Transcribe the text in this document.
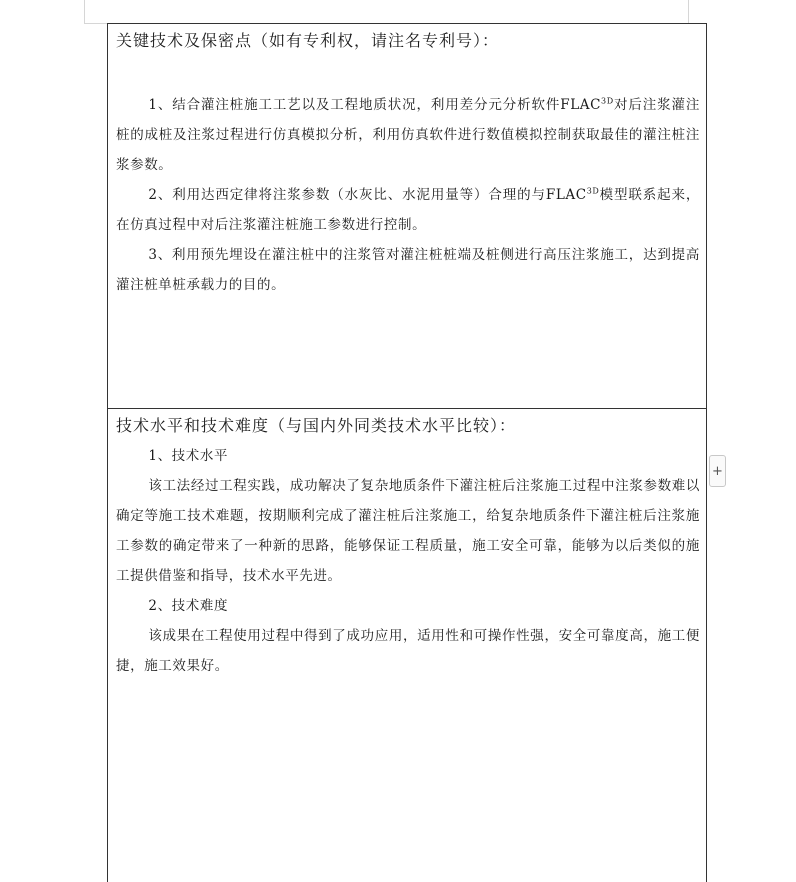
关键技术及保密点（如有专利权，请注名专利号）：

1、结合灌注桩施工工艺以及工程地质状况，利用差分元分析软件$FLAC^{3D}$对后注浆灌注桩的成桩及注浆过程进行仿真模拟分析，利用仿真软件进行数值模拟控制获取最佳的灌注桩注浆参数。

2、利用达西定律将注浆参数（水灰比、水泥用量等）合理的与$FLAC^{3D}$模型联系起来，在仿真过程中对后注浆灌注桩施工参数进行控制。

3、利用预先埋设在灌注桩中的注浆管对灌注桩桩端及桩侧进行高压注浆施工，达到提高灌注桩单桩承载力的目的。

技术水平和技术难度（与国内外同类技术水平比较）：

1、技术水平

该工法经过工程实践，成功解决了复杂地质条件下灌注桩后注浆施工过程中注浆参数难以确定等施工技术难题，按期顺利完成了灌注桩后注浆施工，给复杂地质条件下灌注桩后注浆施工参数的确定带来了一种新的思路，能够保证工程质量，施工安全可靠，能够为以后类似的施工提供借鉴和指导，技术水平先进。

2、技术难度

该成果在工程使用过程中得到了成功应用，适用性和可操作性强，安全可靠度高，施工便捷，施工效果好。

+
